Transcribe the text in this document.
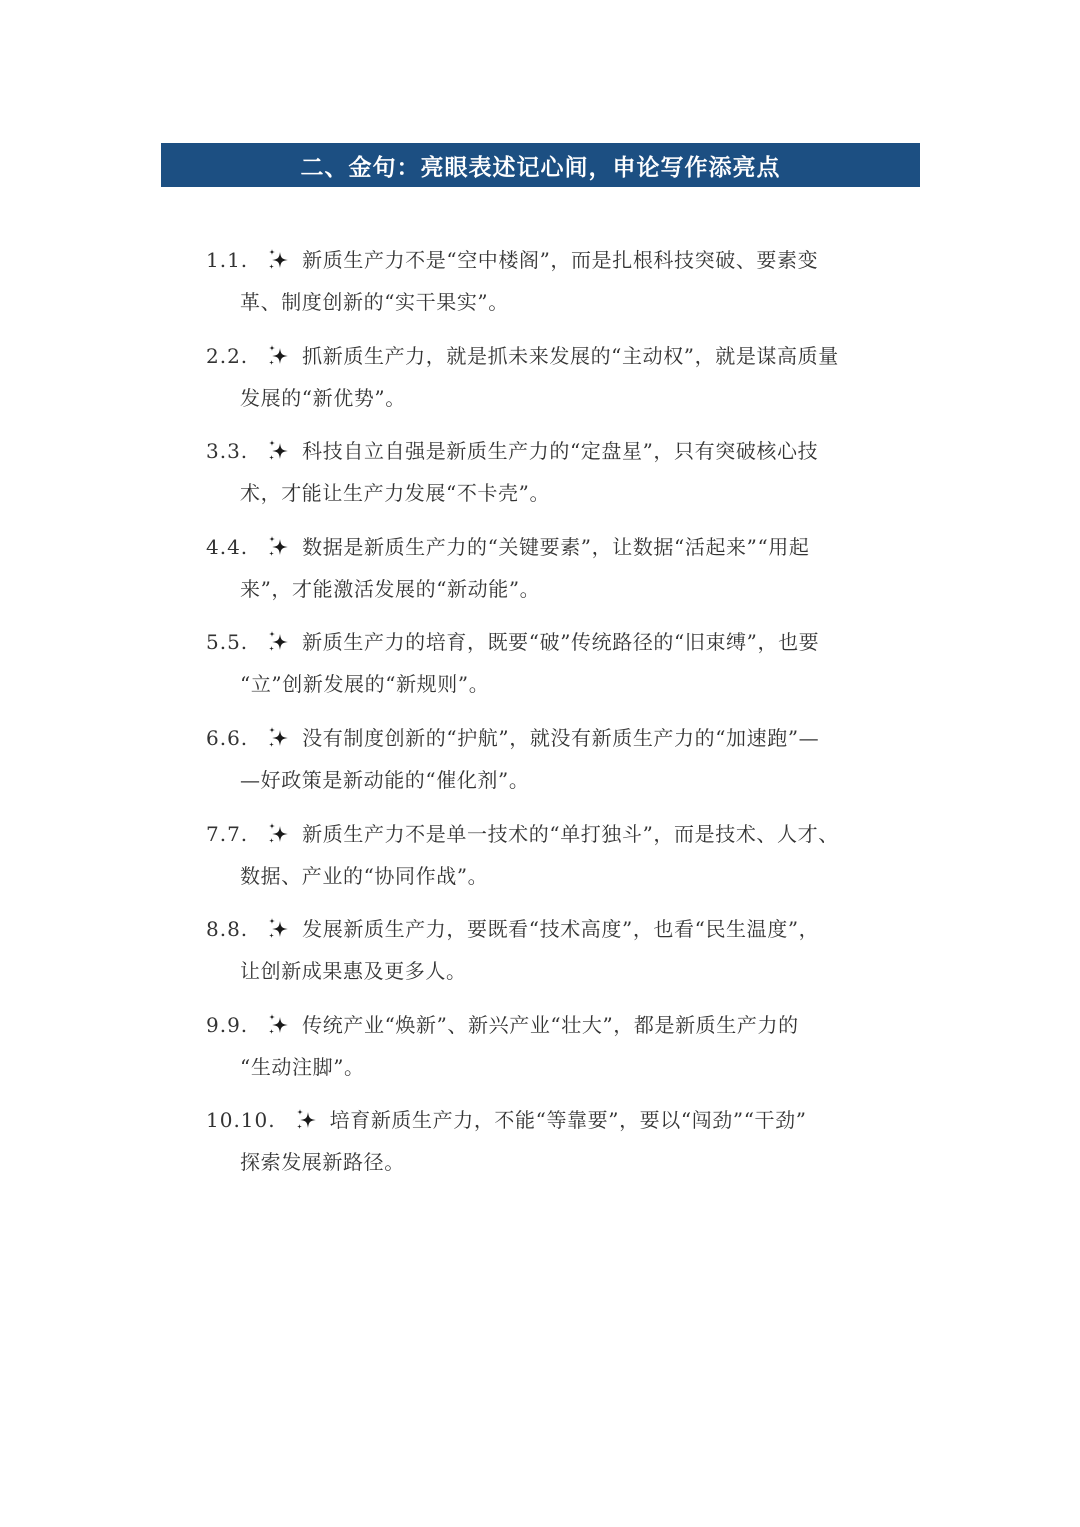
二、金句：亮眼表述记心间，申论写作添亮点
1.1.	新质生产力不是“空中楼阁”，而是扎根科技突破、要素变
革、制度创新的“实干果实”。
2.2.	抓新质生产力，就是抓未来发展的“主动权”，就是谋高质量
发展的“新优势”。
3.3.	科技自立自强是新质生产力的“定盘星”，只有突破核心技
术，才能让生产力发展“不卡壳”。
4.4.	数据是新质生产力的“关键要素”，让数据“活起来”“用起
来”，才能激活发展的“新动能”。
5.5.	新质生产力的培育，既要“破”传统路径的“旧束缚”，也要
“立”创新发展的“新规则”。
6.6.	没有制度创新的“护航”，就没有新质生产力的“加速跑”—
—好政策是新动能的“催化剂”。
7.7.	新质生产力不是单一技术的“单打独斗”，而是技术、人才、
数据、产业的“协同作战”。
8.8.	发展新质生产力，要既看“技术高度”，也看“民生温度”，
让创新成果惠及更多人。
9.9.	传统产业“焕新”、新兴产业“壮大”，都是新质生产力的
“生动注脚”。
10.10.	培育新质生产力，不能“等靠要”，要以“闯劲”“干劲”
探索发展新路径。
